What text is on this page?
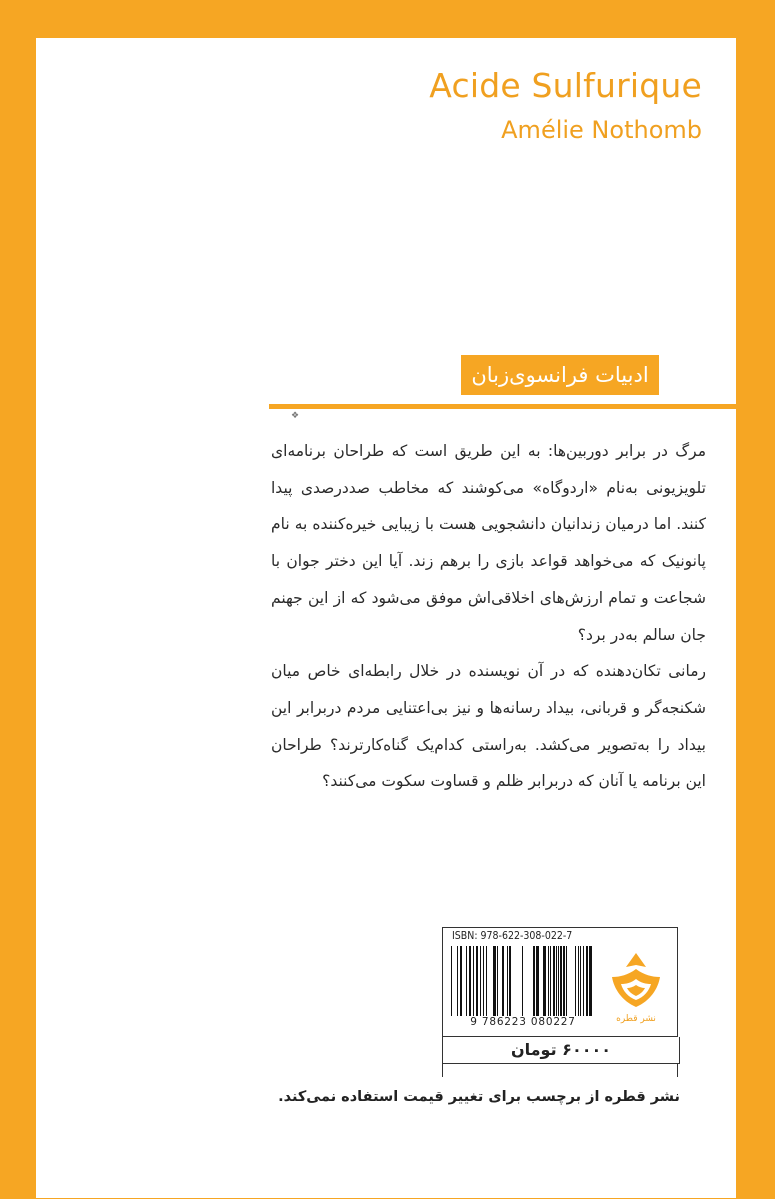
Acide Sulfurique
Amélie Nothomb
ادبیات فرانسوی‌زبان
❖

مرگ در برابر دوربین‌ها: به این طریق است که طراحان برنامه‌ای تلویزیونی به‌نام «اردوگاه» می‌کوشند که مخاطب صددرصدی پیدا کنند. اما درمیان زندانیان دانشجویی هست با زیبایی خیره‌کننده به نام پانونیک که می‌خواهد قواعد بازی را برهم زند. آیا این دختر جوان با شجاعت و تمام ارزش‌های اخلاقی‌اش موفق می‌شود که از این جهنم جان سالم به‌در برد؟

رمانی تکان‌دهنده که در آن نویسنده در خلال رابطه‌ای خاص میان شکنجه‌گر و قربانی، بیداد رسانه‌ها و نیز بی‌اعتنایی مردم دربرابر این بیداد را به‌تصویر می‌کشد. به‌راستی کدام‌یک گناه‌کارترند؟ طراحان این برنامه یا آنان که دربرابر ظلم و قساوت سکوت می‌کنند؟

ISBN: 978-622-308-022-7
9 786223 080227	نشر قطره
۶۰۰۰۰ تومان
نشر قطره از برچسب برای تغییر قیمت استفاده نمی‌کند.
